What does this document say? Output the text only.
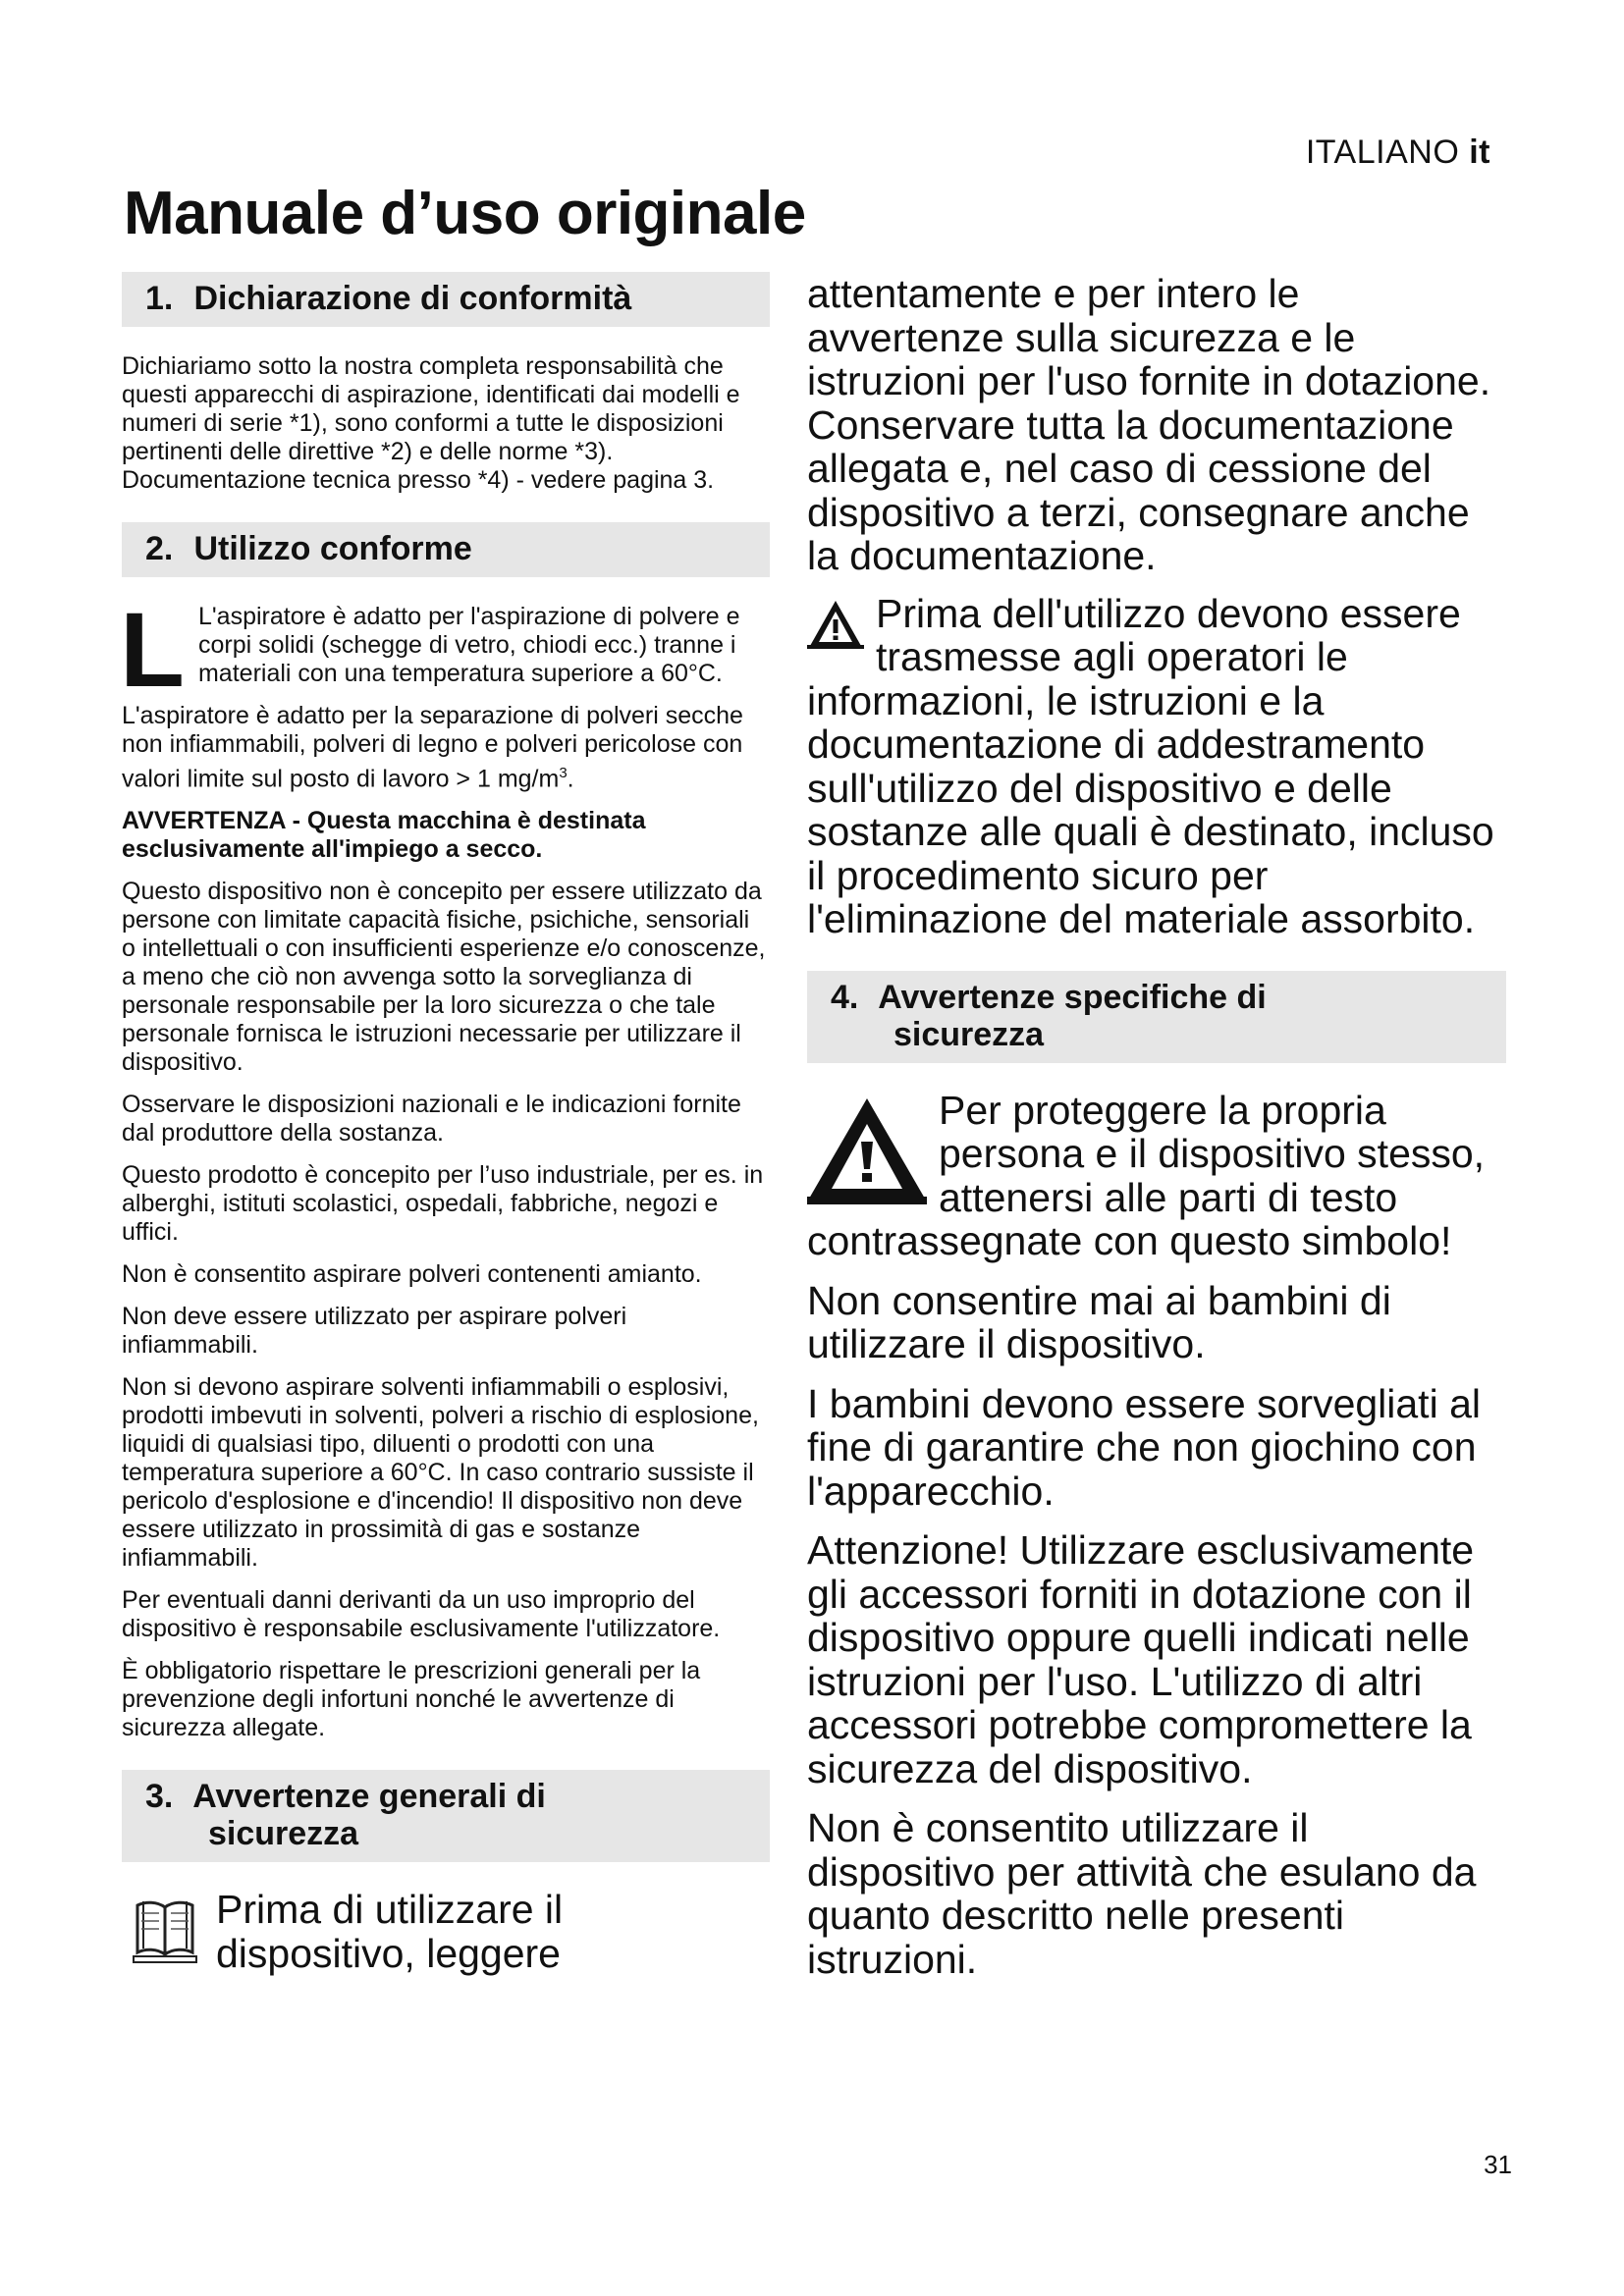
ITALIANO it
Manuale d’uso originale
1. Dichiarazione di conformità

Dichiariamo sotto la nostra completa responsabilità che questi apparecchi di aspirazione, identificati dai modelli e numeri di serie *1), sono conformi a tutte le disposizioni pertinenti delle direttive *2) e delle norme *3). Documentazione tecnica presso *4) - vedere pagina 3.

2. Utilizzo conforme

L L'aspiratore è adatto per l'aspirazione di polvere e corpi solidi (schegge di vetro, chiodi ecc.) tranne i materiali con una temperatura superiore a 60°C.

L'aspiratore è adatto per la separazione di polveri secche non infiammabili, polveri di legno e polveri pericolose con valori limite sul posto di lavoro > 1 $mg/m^3$.

AVVERTENZA - Questa macchina è destinata esclusivamente all'impiego a secco.

Questo dispositivo non è concepito per essere utilizzato da persone con limitate capacità fisiche, psichiche, sensoriali o intellettuali o con insufficienti esperienze e/o conoscenze, a meno che ciò non avvenga sotto la sorveglianza di personale responsabile per la loro sicurezza o che tale personale fornisca le istruzioni necessarie per utilizzare il dispositivo.

Osservare le disposizioni nazionali e le indicazioni fornite dal produttore della sostanza.

Questo prodotto è concepito per l’uso industriale, per es. in alberghi, istituti scolastici, ospedali, fabbriche, negozi e uffici.

Non è consentito aspirare polveri contenenti amianto.

Non deve essere utilizzato per aspirare polveri infiammabili.

Non si devono aspirare solventi infiammabili o esplosivi, prodotti imbevuti in solventi, polveri a rischio di esplosione, liquidi di qualsiasi tipo, diluenti o prodotti con una temperatura superiore a 60°C. In caso contrario sussiste il pericolo d'esplosione e d'incendio! Il dispositivo non deve essere utilizzato in prossimità di gas e sostanze infiammabili.

Per eventuali danni derivanti da un uso improprio del dispositivo è responsabile esclusivamente l'utilizzatore.

È obbligatorio rispettare le prescrizioni generali per la prevenzione degli infortuni nonché le avvertenze di sicurezza allegate.

3. Avvertenze generali di
sicurezza

Prima di utilizzare il dispositivo, leggere

attentamente e per intero le avvertenze sulla sicurezza e le istruzioni per l'uso fornite in dotazione. Conservare tutta la documentazione allegata e, nel caso di cessione del dispositivo a terzi, consegnare anche la documentazione.

Prima dell'utilizzo devono essere trasmesse agli operatori le informazioni, le istruzioni e la documentazione di addestramento sull'utilizzo del dispositivo e delle sostanze alle quali è destinato, incluso il procedimento sicuro per l'eliminazione del materiale assorbito.

4. Avvertenze specifiche di
sicurezza

Per proteggere la propria persona e il dispositivo stesso, attenersi alle parti di testo contrassegnate con questo simbolo!

Non consentire mai ai bambini di utilizzare il dispositivo.

I bambini devono essere sorvegliati al fine di garantire che non giochino con l'apparecchio.

Attenzione! Utilizzare esclusivamente gli accessori forniti in dotazione con il dispositivo oppure quelli indicati nelle istruzioni per l'uso. L'utilizzo di altri accessori potrebbe compromettere la sicurezza del dispositivo.

Non è consentito utilizzare il dispositivo per attività che esulano da quanto descritto nelle presenti istruzioni.

31
